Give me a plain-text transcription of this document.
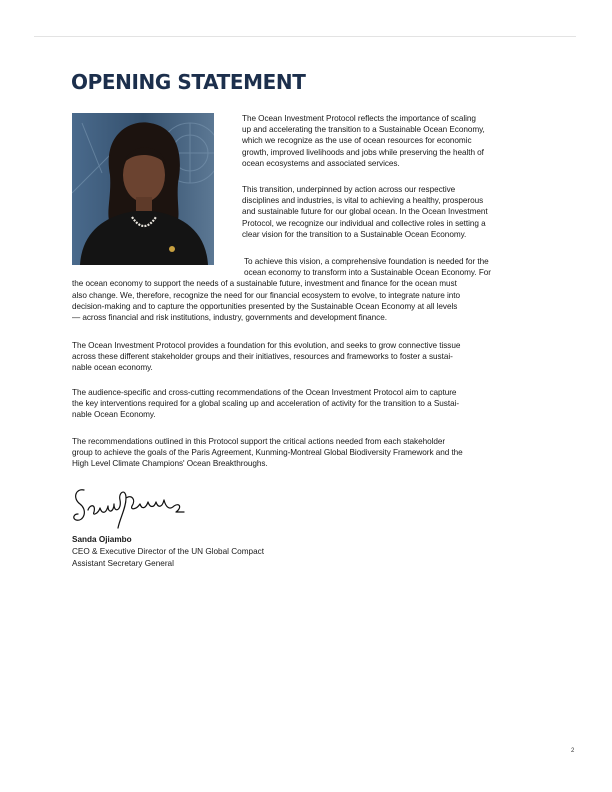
OPENING STATEMENT

The Ocean Investment Protocol reflects the importance of scaling
up and accelerating the transition to a Sustainable Ocean Economy,
which we recognize as the use of ocean resources for economic
growth, improved livelihoods and jobs while preserving the health of
ocean ecosystems and associated services.

This transition, underpinned by action across our respective
disciplines and industries, is vital to achieving a healthy, prosperous
and sustainable future for our global ocean. In the Ocean Investment
Protocol, we recognize our individual and collective roles in setting a
clear vision for the transition to a Sustainable Ocean Economy.

To achieve this vision, a comprehensive foundation is needed for the
ocean economy to transform into a Sustainable Ocean Economy. For
the ocean economy to support the needs of a sustainable future, investment and finance for the ocean must
also change. We, therefore, recognize the need for our financial ecosystem to evolve, to integrate nature into
decision-making and to capture the opportunities presented by the Sustainable Ocean Economy at all levels
— across financial and risk institutions, industry, governments and development finance.

The Ocean Investment Protocol provides a foundation for this evolution, and seeks to grow connective tissue
across these different stakeholder groups and their initiatives, resources and frameworks to foster a sustai-
nable ocean economy.

The audience-specific and cross-cutting recommendations of the Ocean Investment Protocol aim to capture
the key interventions required for a global scaling up and acceleration of activity for the transition to a Sustai-
nable Ocean Economy.

The recommendations outlined in this Protocol support the critical actions needed from each stakeholder
group to achieve the goals of the Paris Agreement, Kunming-Montreal Global Biodiversity Framework and the
High Level Climate Champions' Ocean Breakthroughs.

Sanda Ojiambo
CEO & Executive Director of the UN Global Compact
Assistant Secretary General
2
